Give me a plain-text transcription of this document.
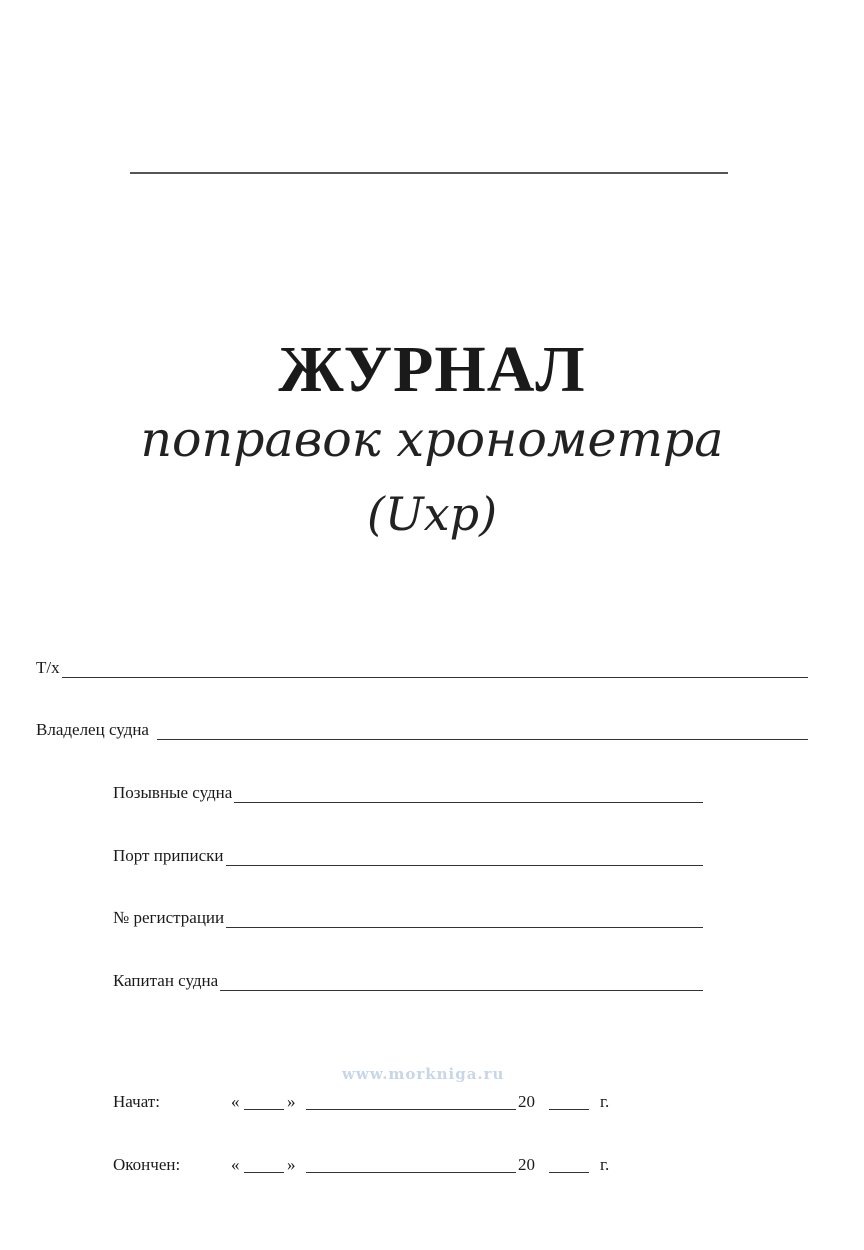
ЖУРНАЛ
поправок хронометра
(Uxp)
Т/х
Владелец судна
Позывные судна
Порт приписки
№ регистрации
Капитан судна
www.morkniga.ru
Начат:	«	»	20	г.
Окончен:	«	»	20	г.
